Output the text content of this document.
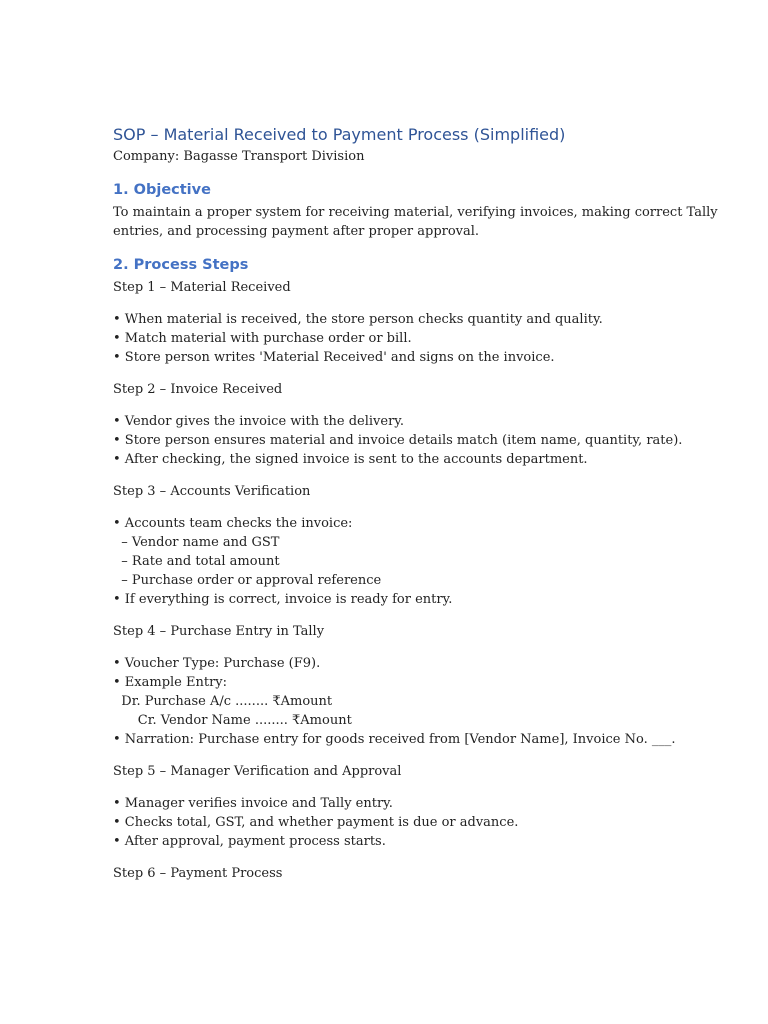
SOP – Material Received to Payment Process (Simplified)
Company: Bagasse Transport Division
1. Objective
To maintain a proper system for receiving material, verifying invoices, making correct Tally
entries, and processing payment after proper approval.
2. Process Steps
Step 1 – Material Received
• When material is received, the store person checks quantity and quality.
• Match material with purchase order or bill.
• Store person writes 'Material Received' and signs on the invoice.
Step 2 – Invoice Received
• Vendor gives the invoice with the delivery.
• Store person ensures material and invoice details match (item name, quantity, rate).
• After checking, the signed invoice is sent to the accounts department.
Step 3 – Accounts Verification
• Accounts team checks the invoice:
– Vendor name and GST
– Rate and total amount
– Purchase order or approval reference
• If everything is correct, invoice is ready for entry.
Step 4 – Purchase Entry in Tally
• Voucher Type: Purchase (F9).
• Example Entry:
Dr. Purchase A/c ........ ₹Amount
Cr. Vendor Name ........ ₹Amount
• Narration: Purchase entry for goods received from [Vendor Name], Invoice No. ___.
Step 5 – Manager Verification and Approval
• Manager verifies invoice and Tally entry.
• Checks total, GST, and whether payment is due or advance.
• After approval, payment process starts.
Step 6 – Payment Process
